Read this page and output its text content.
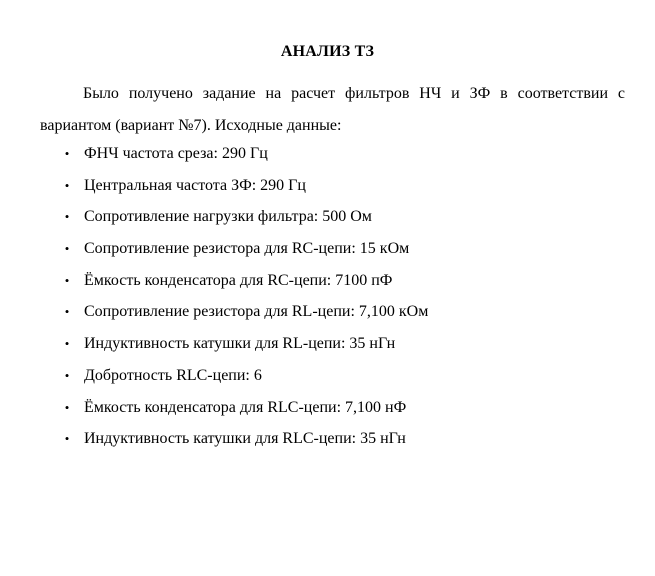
АНАЛИЗ ТЗ

Было получено задание на расчет фильтров НЧ и ЗФ в соответствии с вариантом (вариант №7). Исходные данные:

• ФНЧ частота среза: 290 Гц
• Центральная частота ЗФ: 290 Гц
• Сопротивление нагрузки фильтра: 500 Ом
• Сопротивление резистора для RC-цепи: 15 кОм
• Ёмкость конденсатора для RC-цепи: 7100 пФ
• Сопротивление резистора для RL-цепи: 7,100 кОм
• Индуктивность катушки для RL-цепи: 35 нГн
• Добротность RLC-цепи: 6
• Ёмкость конденсатора для RLC-цепи: 7,100 нФ
• Индуктивность катушки для RLC-цепи: 35 нГн
